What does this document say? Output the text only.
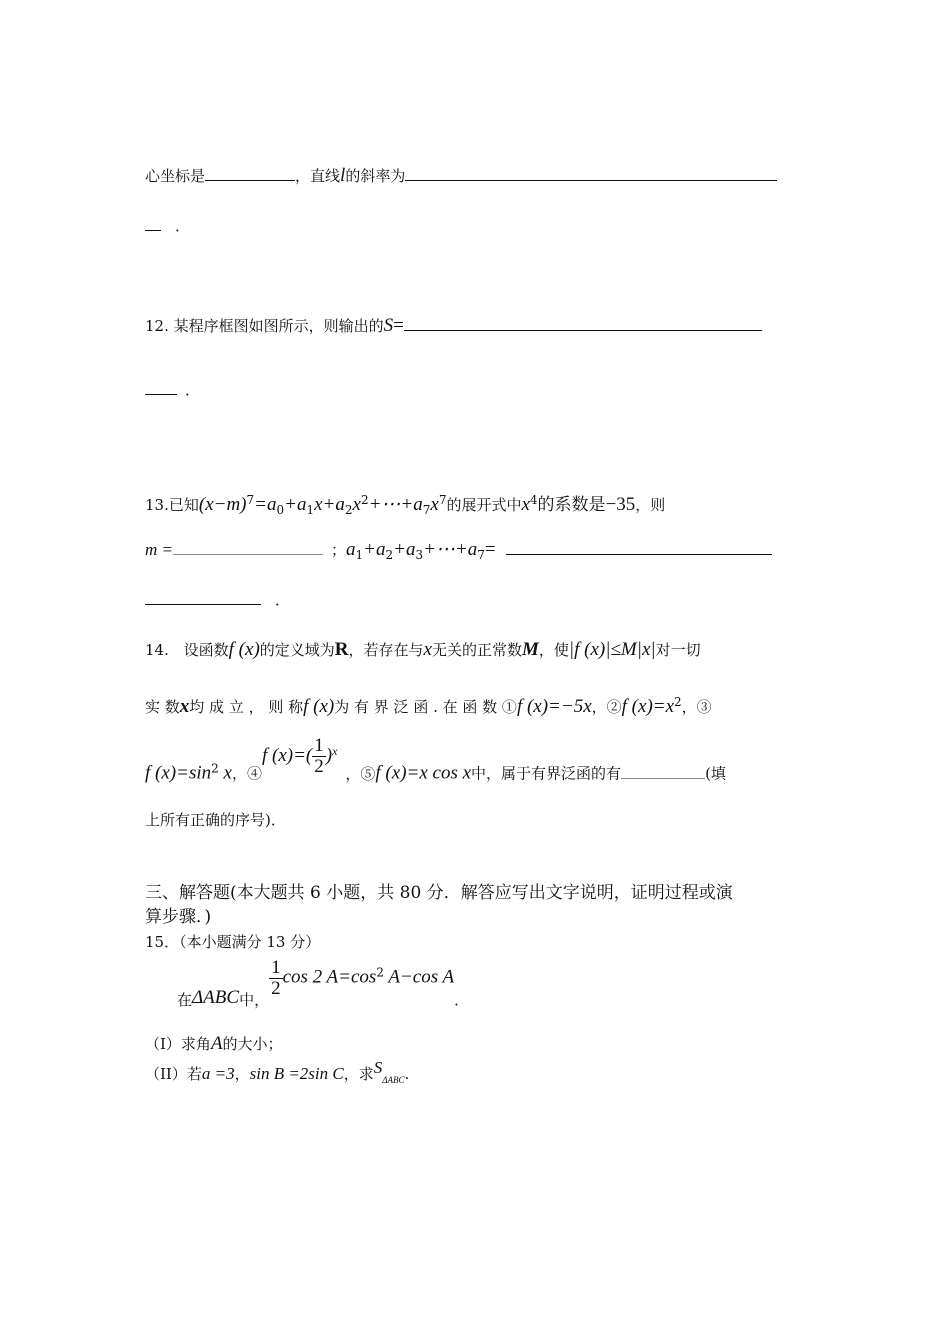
心坐标是	，直线l的斜率为
．
12. 某程序框图如图所示，则输出的S=
．
13.已知$(x-m)^7=a_0+a_1x+a_2x^2+\cdots+a_7x^7$的展开式中$x^4$的系数是−35，则
m =	；$a_1+a_2+a_3+\cdots+a_7=$
．
14. 设函数f (x)的定义域为R，若存在与x无关的正常数M，使|f (x)|≤M|x|对一切
实 数x均 成 立 ， 则 称f (x)为 有 界 泛 函 . 在 函 数 ①f (x)=−5x，②f $(x)=x^2$，③
f $(x)=\sin^2$ x，④f $(x)=( \frac{1}{2} )^x$，⑤f (x)=x cos x中，属于有界泛函的有	(填
上所有正确的序号)．
三、解答题(本大题共 6 小题，共 80 分．解答应写出文字说明，证明过程或演
算步骤．)
15．（本小题满分 13 分）
在ΔABC中，
$\frac{1}{2}$ cos 2 $A=\cos^2$ A−cos A．
（I）求角A的大小；
（II）若a =3，sin B =2sin C，求$S_{\Delta ABC}$.
